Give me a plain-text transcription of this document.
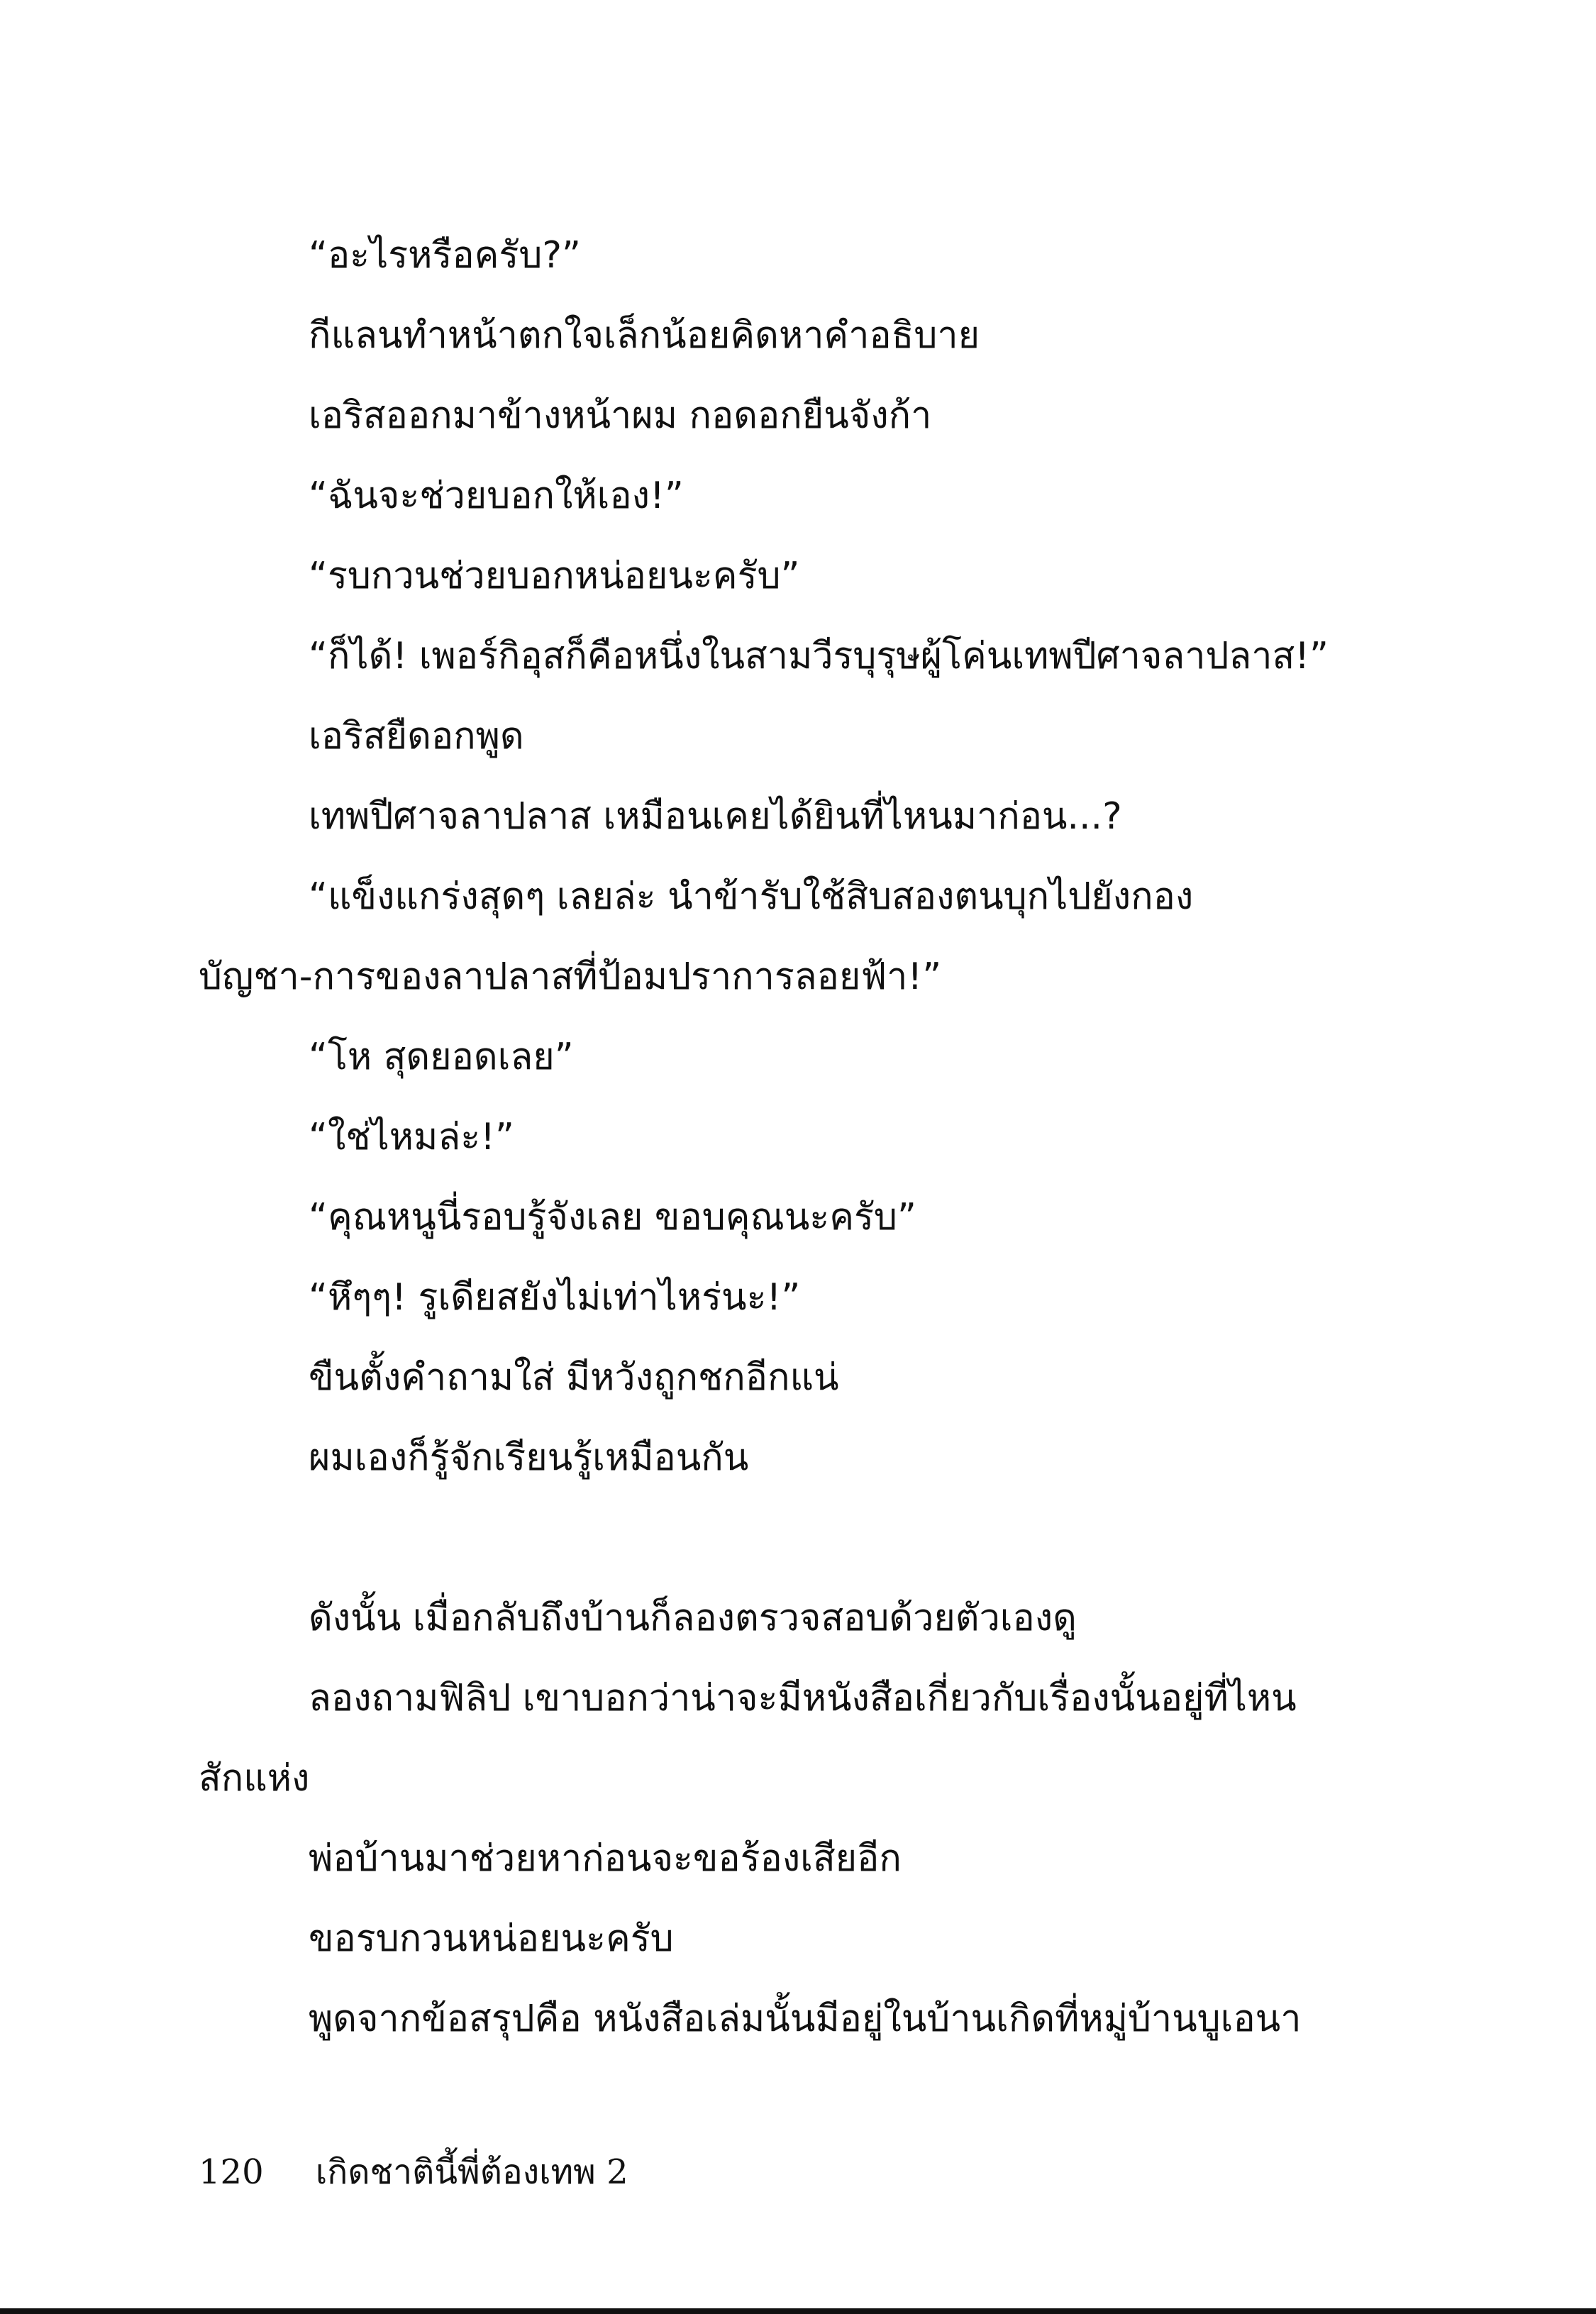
“อะไรหรือครับ?”

กีแลนทำหน้าตกใจเล็กน้อยคิดหาคำอธิบาย

เอริสออกมาข้างหน้าผม กอดอกยืนจังก้า

“ฉันจะช่วยบอกให้เอง!”

“รบกวนช่วยบอกหน่อยนะครับ”

“ก็ได้! เพอร์กิอุสก็คือหนึ่งในสามวีรบุรุษผู้โค่นเทพปีศาจลาปลาส!”

เอริสยืดอกพูด

เทพปีศาจลาปลาส เหมือนเคยได้ยินที่ไหนมาก่อน...?

“แข็งแกร่งสุดๆ เลยล่ะ นำข้ารับใช้สิบสองตนบุกไปยังกองบัญชา-การของลาปลาสที่ป้อมปราการลอยฟ้า!”

“โห สุดยอดเลย”

“ใช่ไหมล่ะ!”

“คุณหนูนี่รอบรู้จังเลย ขอบคุณนะครับ”

“หึๆๆ! รูเดียสยังไม่เท่าไหร่นะ!”

ขืนตั้งคำถามใส่ มีหวังถูกชกอีกแน่

ผมเองก็รู้จักเรียนรู้เหมือนกัน

ดังนั้น เมื่อกลับถึงบ้านก็ลองตรวจสอบด้วยตัวเองดู

ลองถามฟิลิป เขาบอกว่าน่าจะมีหนังสือเกี่ยวกับเรื่องนั้นอยู่ที่ไหนสักแห่ง

พ่อบ้านมาช่วยหาก่อนจะขอร้องเสียอีก

ขอรบกวนหน่อยนะครับ

พูดจากข้อสรุปคือ หนังสือเล่มนั้นมีอยู่ในบ้านเกิดที่หมู่บ้านบูเอนา

120 เกิดชาตินี้พี่ต้องเทพ 2
